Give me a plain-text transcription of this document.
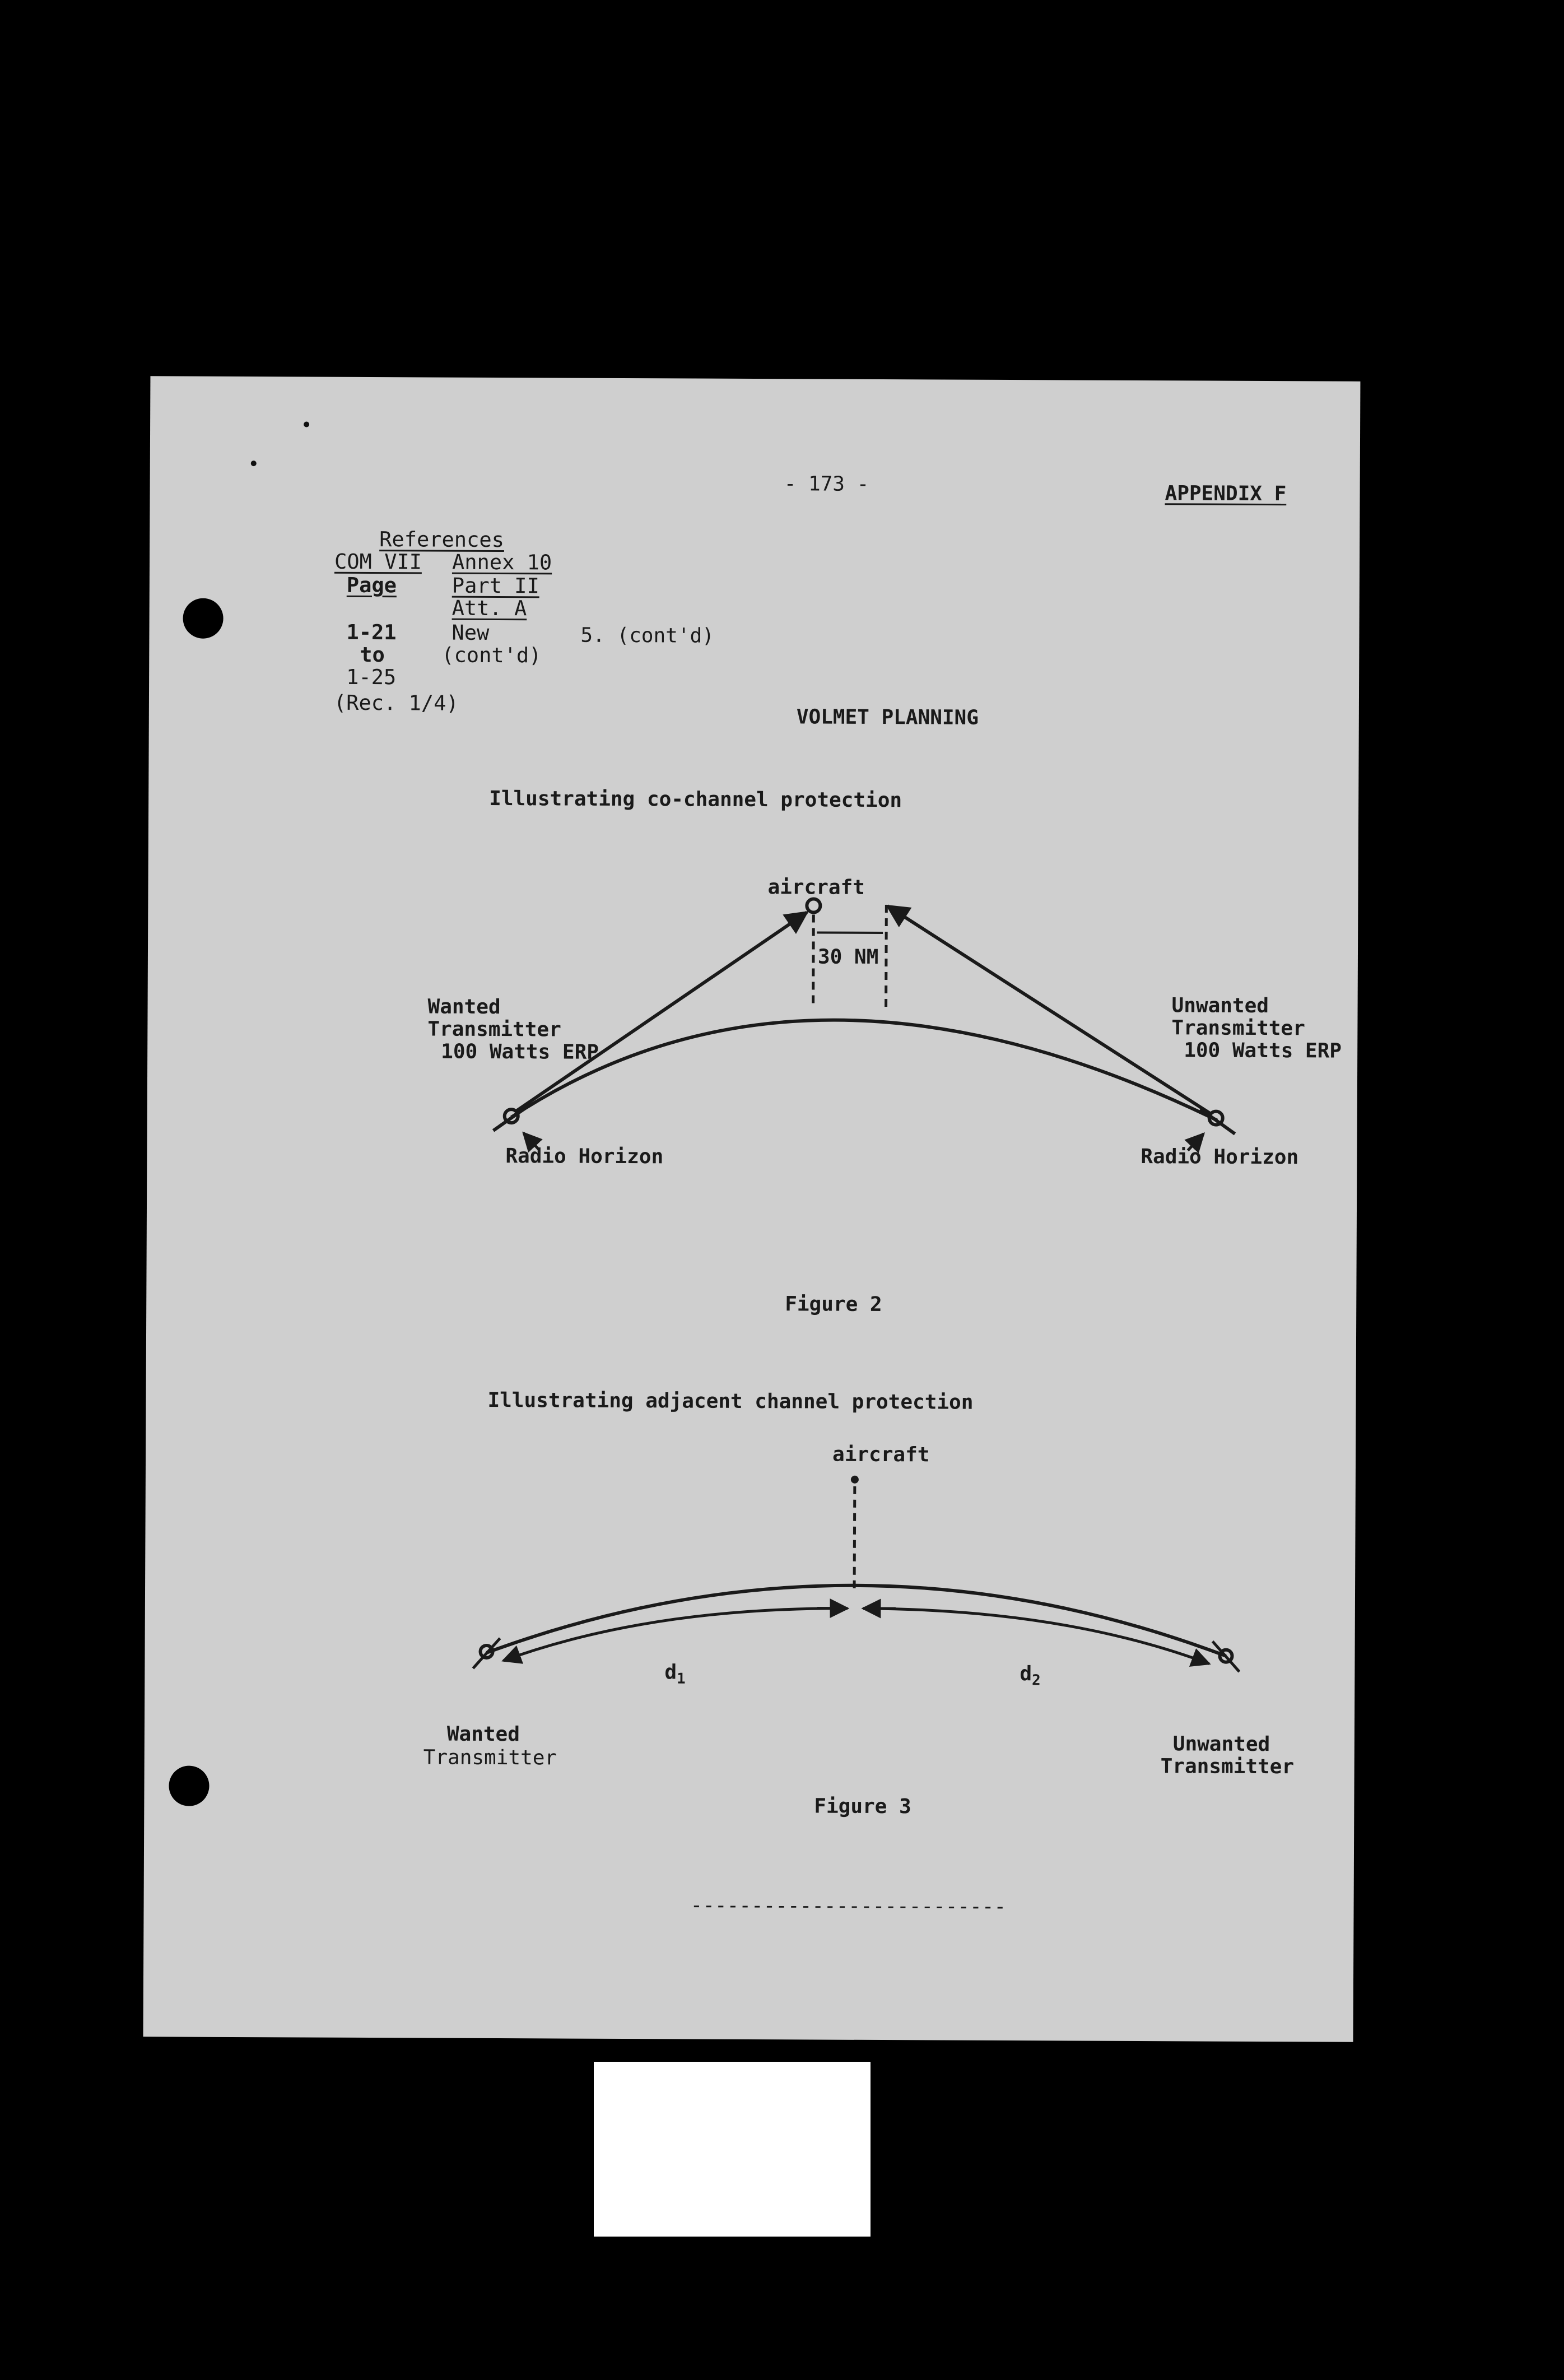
- 173 -	APPENDIX F
References
COM VII Annex 10
Page	Part II
Att. A
1-21	New
to	(cont'd)
1-25
(Rec. 1/4)
5. (cont'd)
VOLMET PLANNING
Illustrating co-channel protection
aircraft
30 NM
Wanted
Transmitter
100 Watts ERP
Unwanted
Transmitter
100 Watts ERP
Radio Horizon	Radio Horizon
Figure 2
Illustrating adjacent channel protection
aircraft
$d_1$	$d_2$
Wanted
Transmitter
Unwanted
Transmitter
Figure 3
--------------------------
